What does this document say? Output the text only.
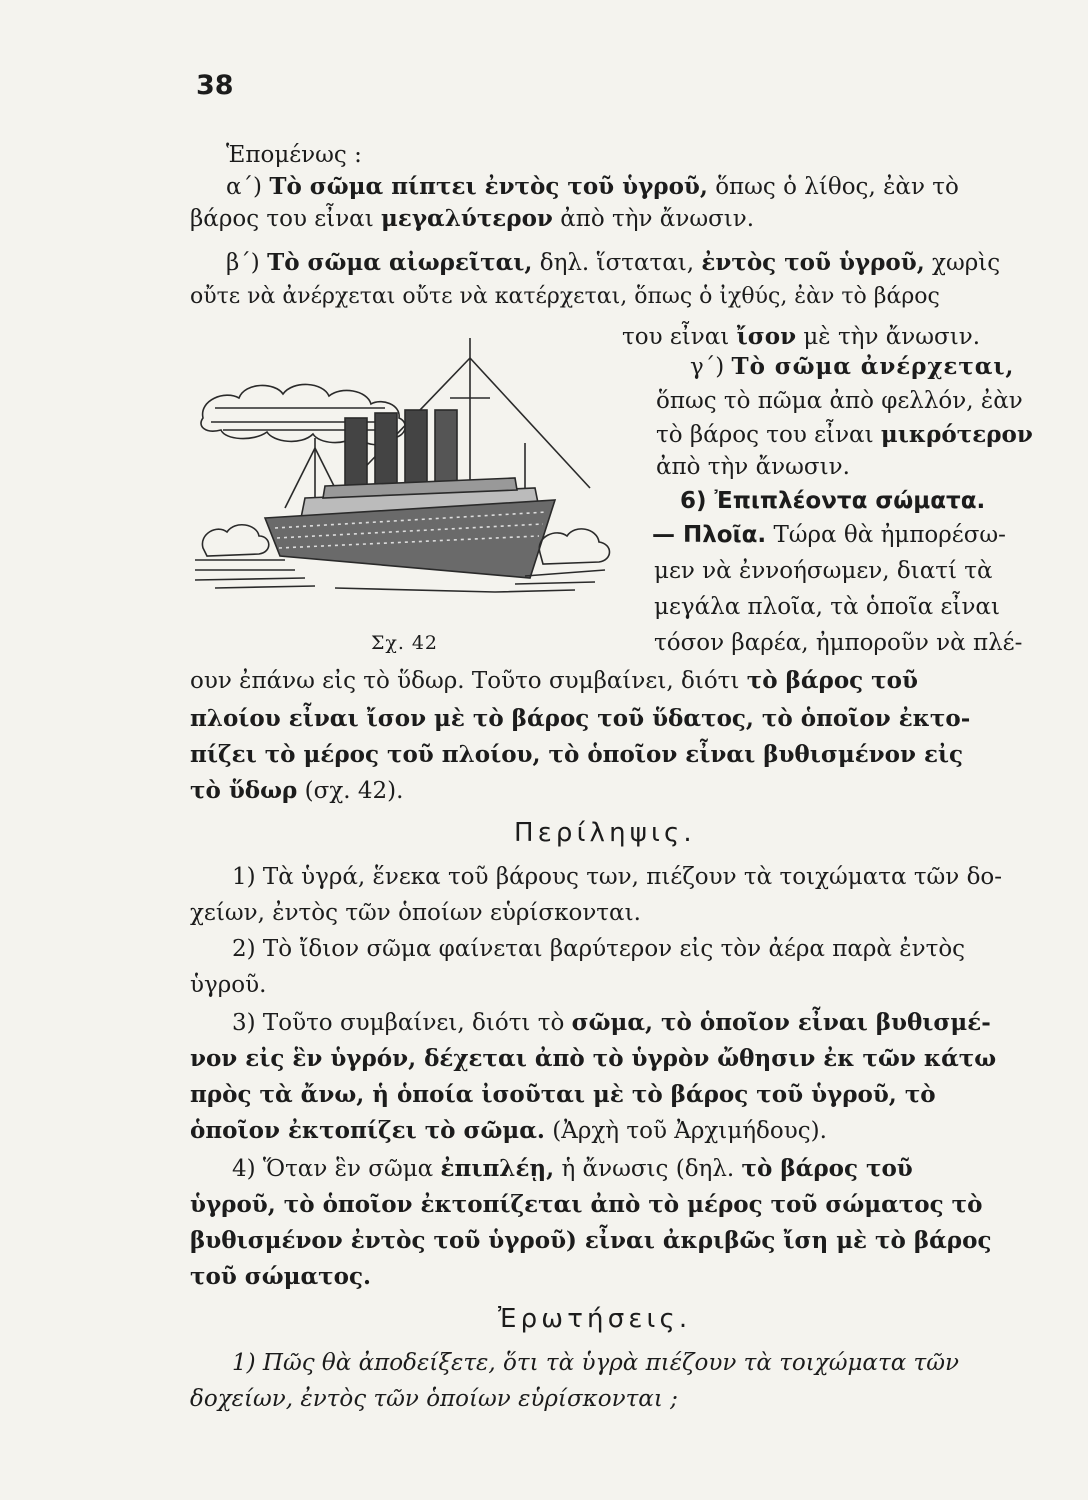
38
Ἑπομένως :
α΄) Τὸ σῶμα πίπτει ἐντὸς τοῦ ὑγροῦ, ὅπως ὁ λίθος, ἐὰν τὸ
βάρος του εἶναι μεγαλύτερον ἀπὸ τὴν ἄνωσιν.
β΄) Τὸ σῶμα αἰωρεῖται, δηλ. ἵσταται, ἐντὸς τοῦ ὑγροῦ, χωρὶς
οὔτε νὰ ἀνέρχεται οὔτε νὰ κατέρχεται, ὅπως ὁ ἰχθύς, ἐὰν τὸ βάρος
του εἶναι ἴσον μὲ τὴν ἄνωσιν.
Σχ. 42
γ΄) Τὸ σῶμα ἀνέρχεται,
ὅπως τὸ πῶμα ἀπὸ φελλόν, ἐὰν
τὸ βάρος του εἶναι μικρότερον
ἀπὸ τὴν ἄνωσιν.
6) Ἐπιπλέοντα σώματα.
— Πλοῖα. Τώρα θὰ ἠμπορέσω-
μεν νὰ ἐννοήσωμεν, διατί τὰ
μεγάλα πλοῖα, τὰ ὁποῖα εἶναι
τόσον βαρέα, ἠμποροῦν νὰ πλέ-
ουν ἐπάνω εἰς τὸ ὕδωρ. Τοῦτο συμβαίνει, διότι τὸ βάρος τοῦ
πλοίου εἶναι ἴσον μὲ τὸ βάρος τοῦ ὕδατος, τὸ ὁποῖον ἐκτο-
πίζει τὸ μέρος τοῦ πλοίου, τὸ ὁποῖον εἶναι βυθισμένον εἰς
τὸ ὕδωρ (σχ. 42).
Περίληψις.
1) Τὰ ὑγρά, ἕνεκα τοῦ βάρους των, πιέζουν τὰ τοιχώματα τῶν δο-
χείων, ἐντὸς τῶν ὁποίων εὑρίσκονται.
2) Τὸ ἴδιον σῶμα φαίνεται βαρύτερον εἰς τὸν ἀέρα παρὰ ἐντὸς
ὑγροῦ.
3) Τοῦτο συμβαίνει, διότι τὸ σῶμα, τὸ ὁποῖον εἶναι βυθισμέ-
νον εἰς ἓν ὑγρόν, δέχεται ἀπὸ τὸ ὑγρὸν ὤθησιν ἐκ τῶν κάτω
πρὸς τὰ ἄνω, ἡ ὁποία ἰσοῦται μὲ τὸ βάρος τοῦ ὑγροῦ, τὸ
ὁποῖον ἐκτοπίζει τὸ σῶμα. (Ἀρχὴ τοῦ Ἀρχιμήδους).
4) Ὅταν ἓν σῶμα ἐπιπλέῃ, ἡ ἄνωσις (δηλ. τὸ βάρος τοῦ
ὑγροῦ, τὸ ὁποῖον ἐκτοπίζεται ἀπὸ τὸ μέρος τοῦ σώματος τὸ
βυθισμένον ἐντὸς τοῦ ὑγροῦ) εἶναι ἀκριβῶς ἴση μὲ τὸ βάρος
τοῦ σώματος.
Ἐρωτήσεις.
1) Πῶς θὰ ἀποδείξετε, ὅτι τὰ ὑγρὰ πιέζουν τὰ τοιχώματα τῶν
δοχείων, ἐντὸς τῶν ὁποίων εὑρίσκονται ;
